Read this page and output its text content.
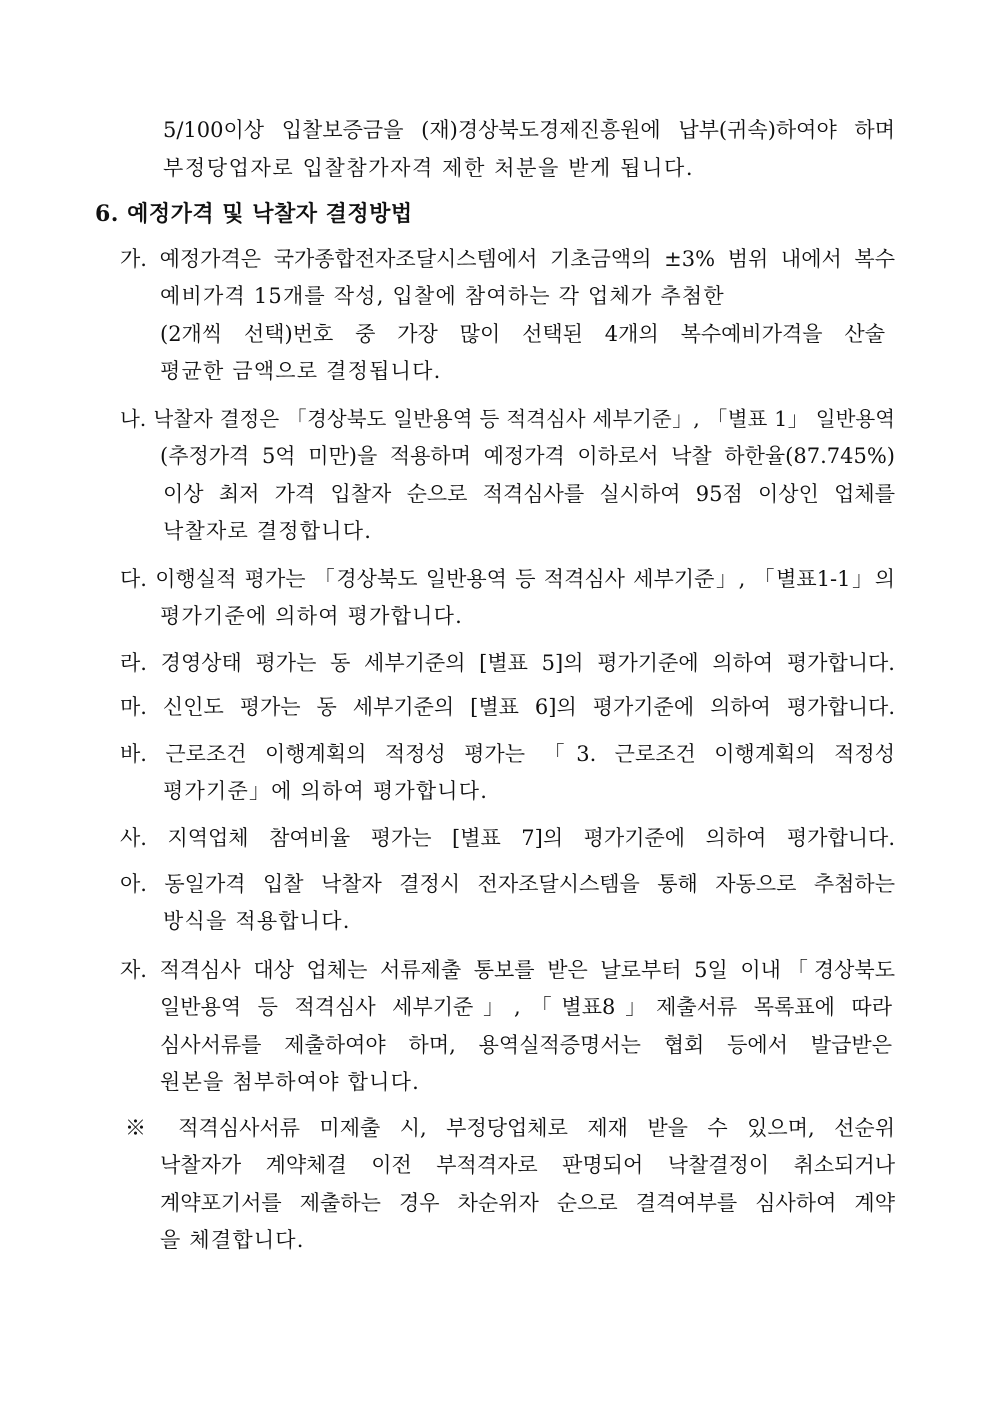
5/100이상 입찰보증금을 (재)경상북도경제진흥원에 납부(귀속)하여야 하며
부정당업자로 입찰참가자격 제한 처분을 받게 됩니다.
6. 예정가격 및 낙찰자 결정방법
가. 예정가격은 국가종합전자조달시스템에서 기초금액의 ±3% 범위 내에서 복수
예비가격 15개를 작성, 입찰에 참여하는 각 업체가 추첨한
(2개씩 선택)번호 중 가장 많이 선택된 4개의 복수예비가격을 산술
평균한 금액으로 결정됩니다.
나. 낙찰자 결정은 「경상북도 일반용역 등 적격심사 세부기준」, 「별표 1」 일반용역
(추정가격 5억 미만)을 적용하며 예정가격 이하로서 낙찰 하한율(87.745%)
이상 최저 가격 입찰자 순으로 적격심사를 실시하여 95점 이상인 업체를
낙찰자로 결정합니다.
다. 이행실적 평가는 「경상북도 일반용역 등 적격심사 세부기준」, 「별표1-1」의
평가기준에 의하여 평가합니다.
라. 경영상태 평가는 동 세부기준의 [별표 5]의 평가기준에 의하여 평가합니다.
마. 신인도 평가는 동 세부기준의 [별표 6]의 평가기준에 의하여 평가합니다.
바. 근로조건 이행계획의 적정성 평가는 「3. 근로조건 이행계획의 적정성
평가기준」에 의하여 평가합니다.
사. 지역업체 참여비율 평가는 [별표 7]의 평가기준에 의하여 평가합니다.
아. 동일가격 입찰 낙찰자 결정시 전자조달시스템을 통해 자동으로 추첨하는
방식을 적용합니다.
자. 적격심사 대상 업체는 서류제출 통보를 받은 날로부터 5일 이내「경상북도
일반용역 등 적격심사 세부기준」,「별표8」제출서류 목록표에 따라
심사서류를 제출하여야 하며, 용역실적증명서는 협회 등에서 발급받은
원본을 첨부하여야 합니다.
※ 적격심사서류 미제출 시, 부정당업체로 제재 받을 수 있으며, 선순위
낙찰자가 계약체결 이전 부적격자로 판명되어 낙찰결정이 취소되거나
계약포기서를 제출하는 경우 차순위자 순으로 결격여부를 심사하여 계약
을 체결합니다.
